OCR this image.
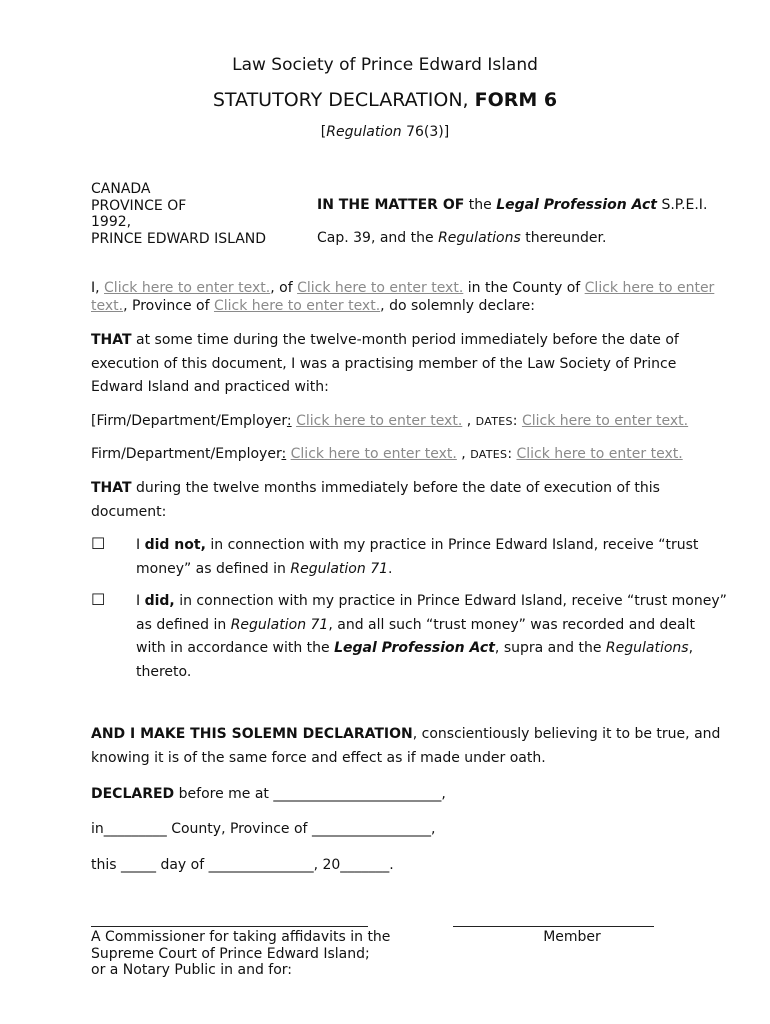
Law Society of Prince Edward Island
STATUTORY DECLARATION, FORM 6
[Regulation 76(3)]
CANADA
PROVINCE OF
1992,
PRINCE EDWARD ISLAND
IN THE MATTER OF the Legal Profession Act S.P.E.I.
Cap. 39, and the Regulations thereunder.
I, Click here to enter text., of Click here to enter text. in the County of Click here to enter
text., Province of Click here to enter text., do solemnly declare:
THAT at some time during the twelve-month period immediately before the date of
execution of this document, I was a practising member of the Law Society of Prince
Edward Island and practiced with:
[Firm/Department/Employer: Click here to enter text. , DATES: Click here to enter text.
Firm/Department/Employer: Click here to enter text. , DATES: Click here to enter text.
THAT during the twelve months immediately before the date of execution of this
document:
☐ I did not, in connection with my practice in Prince Edward Island, receive “trust
money” as defined in Regulation 71.
☐ I did, in connection with my practice in Prince Edward Island, receive “trust money”
as defined in Regulation 71, and all such “trust money” was recorded and dealt
with in accordance with the Legal Profession Act, supra and the Regulations,
thereto.
AND I MAKE THIS SOLEMN DECLARATION, conscientiously believing it to be true, and
knowing it is of the same force and effect as if made under oath.
DECLARED before me at ________________________,
in_________ County, Province of _________________,
this _____ day of _______________, 20_______.
A Commissioner for taking affidavits in the
Supreme Court of Prince Edward Island;
or a Notary Public in and for:
Member
